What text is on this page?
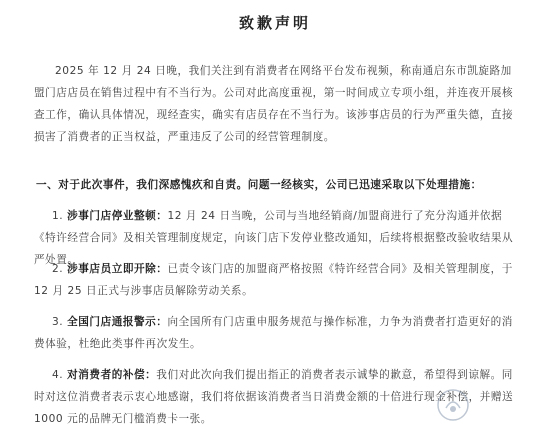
致歉声明
2025 年 12 月 24 日晚，我们关注到有消费者在网络平台发布视频，称南通启东市凯旋路加盟门店店员在销售过程中有不当行为。公司对此高度重视，第一时间成立专项小组，并连夜开展核查工作，确认具体情况，现经查实，确实有店员存在不当行为。该涉事店员的行为严重失德，直接损害了消费者的正当权益，严重违反了公司的经营管理制度。
一、对于此次事件，我们深感愧疚和自责。问题一经核实，公司已迅速采取以下处理措施：
1. 涉事门店停业整顿：12 月 24 日当晚，公司与当地经销商/加盟商进行了充分沟通并依据《特许经营合同》及相关管理制度规定，向该门店下发停业整改通知，后续将根据整改验收结果从严处置。
2. 涉事店员立即开除：已责令该门店的加盟商严格按照《特许经营合同》及相关管理制度，于 12 月 25 日正式与涉事店员解除劳动关系。
3. 全国门店通报警示：向全国所有门店重申服务规范与操作标准，力争为消费者打造更好的消费体验，杜绝此类事件再次发生。
4. 对消费者的补偿：我们对此次向我们提出指正的消费者表示诚挚的歉意，希望得到谅解。同时对这位消费者表示衷心地感谢，我们将依据该消费者当日消费金额的十倍进行现金补偿，并赠送 1000 元的品牌无门槛消费卡一张。
